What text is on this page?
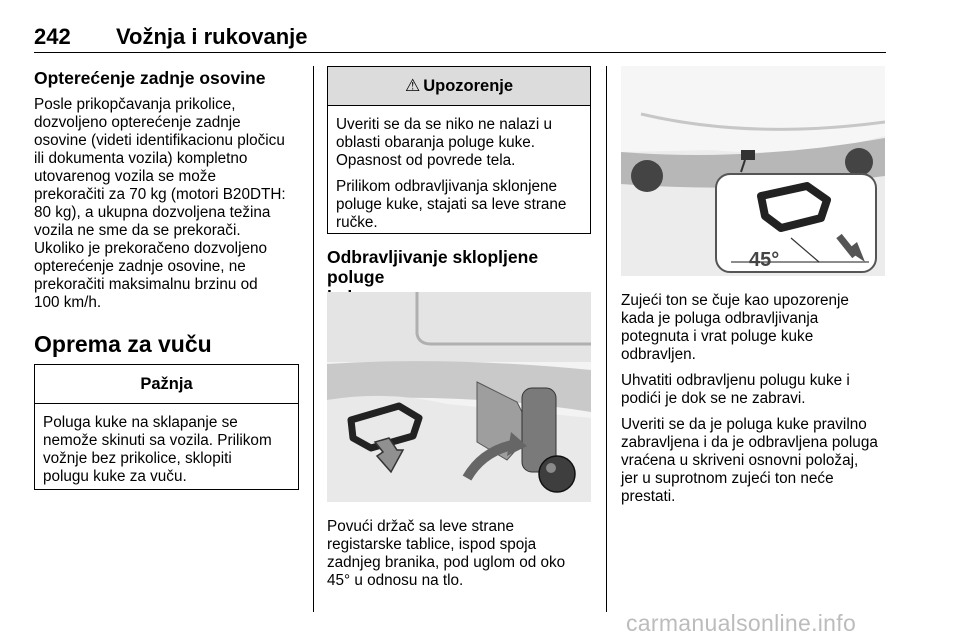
242 Vožnja i rukovanje
Opterećenje zadnje osovine

Posle prikopčavanja prikolice,
dozvoljeno opterećenje zadnje
osovine (videti identifikacionu pločicu
ili dokumenta vozila) kompletno
utovarenog vozila se može
prekoračiti za 70 kg (motori B20DTH:
80 kg), a ukupna dozvoljena težina
vozila ne sme da se prekorači.
Ukoliko je prekoračeno dozvoljeno
opterećenje zadnje osovine, ne
prekoračiti maksimalnu brzinu od
100 km/h.

Oprema za vuču
Pažnja

Poluga kuke na sklapanje se
nemože skinuti sa vozila. Prilikom
vožnje bez prikolice, sklopiti
polugu kuke za vuču.

⚠ Upozorenje

Uveriti se da se niko ne nalazi u
oblasti obaranja poluge kuke.
Opasnost od povrede tela.

Prilikom odbravljivanja sklonjene
poluge kuke, stajati sa leve strane
ručke.

Odbravljivanje sklopljene poluge

Povući držač sa leve strane
registarske tablice, ispod spoja
zadnjeg branika, pod uglom od oko
45° u odnosu na tlo.

45°

Zujeći ton se čuje kao upozorenje
kada je poluga odbravljivanja
potegnuta i vrat poluge kuke
odbravljen.

Uhvatiti odbravljenu polugu kuke i
podići je dok se ne zabravi.

Uveriti se da je poluga kuke pravilno
zabravljena i da je odbravljena poluga
vraćena u skriveni osnovni položaj,
jer u suprotnom zujeći ton neće
prestati.

carmanualsonline.info
